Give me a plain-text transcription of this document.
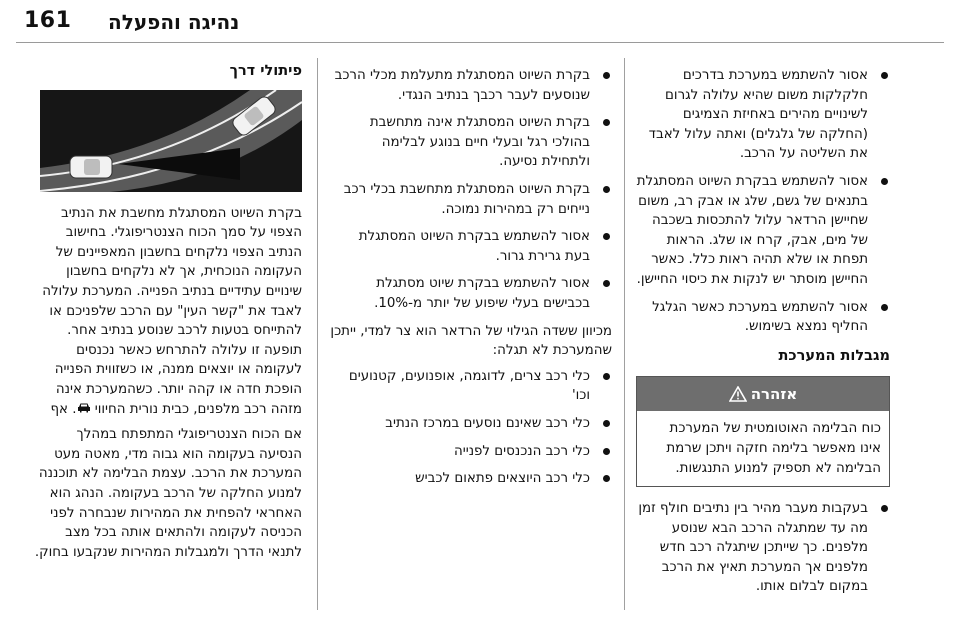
161 נהיגה והפעלה
אסור להשתמש במערכת בדרכים חלקלקות משום שהיא עלולה לגרום לשינויים מהירים באחיזת הצמיגים (החלקה של גלגלים) ואתה עלול לאבד את השליטה על הרכב.
אסור להשתמש בבקרת השיוט המסתגלת בתנאים של גשם, שלג או אבק רב, משום שחיישן הרדאר עלול להתכסות בשכבה של מים, אבק, קרח או שלג. הראות תפחת או שלא תהיה ראות כלל. כאשר החיישן מוסתר יש לנקות את כיסוי החיישן.
אסור להשתמש במערכת כאשר הגלגל החליף נמצא בשימוש.
מגבלות המערכת
אזהרה
כוח הבלימה האוטומטית של המערכת אינו מאפשר בלימה חזקה ויתכן שרמת הבלימה לא תספיק למנוע התנגשות.
בעקבות מעבר מהיר בין נתיבים חולף זמן מה עד שמתגלה הרכב הבא שנוסע מלפנים. כך שייתכן שיתגלה רכב חדש מלפנים אך המערכת תאיץ את הרכב במקום לבלום אותו.
בקרת השיוט המסתגלת מתעלמת מכלי הרכב שנוסעים לעבר רכבך בנתיב הנגדי.
בקרת השיוט המסתגלת אינה מתחשבת בהולכי רגל ובעלי חיים בנוגע לבלימה ולתחילת נסיעה.
בקרת השיוט המסתגלת מתחשבת בכלי רכב נייחים רק במהירות נמוכה.
אסור להשתמש בבקרת השיוט המסתגלת בעת גרירת גרור.
אסור להשתמש בבקרת שיוט מסתגלת בכבישים בעלי שיפוע של יותר מ-10%.

מכיוון ששדה הגילוי של הרדאר הוא צר למדי, ייתכן שהמערכת לא תגלה:

כלי רכב צרים, לדוגמה, אופנועים, קטנועים וכו'
כלי רכב שאינם נוסעים במרכז הנתיב
כלי רכב הנכנסים לפנייה
כלי רכב היוצאים פתאום לכביש
פיתולי דרך

בקרת השיוט המסתגלת מחשבת את הנתיב הצפוי על סמך הכוח הצנטריפוגלי. בחישוב הנתיב הצפוי נלקחים בחשבון המאפיינים של העקומה הנוכחית, אך לא נלקחים בחשבון שינויים עתידיים בנתיב הפנייה. המערכת עלולה לאבד את "קשר העין" עם הרכב שלפניכם או להתייחס בטעות לרכב שנוסע בנתיב אחר. תופעה זו עלולה להתרחש כאשר נכנסים לעקומה או יוצאים ממנה, או כשזווית הפנייה הופכת חדה או קהה יותר. כשהמערכת אינה מזהה רכב מלפנים, כבית נורית החיווי . אף

אם הכוח הצנטריפוגלי המתפתח במהלך הנסיעה בעקומה הוא גבוה מדי, מאטה מעט המערכת את הרכב. עצמת הבלימה לא תוכננה למנוע החלקה של הרכב בעקומה. הנהג הוא האחראי להפחית את המהירות שנבחרה לפני הכניסה לעקומה ולהתאים אותה בכל מצב לתנאי הדרך ולמגבלות המהירות שנקבעו בחוק.
